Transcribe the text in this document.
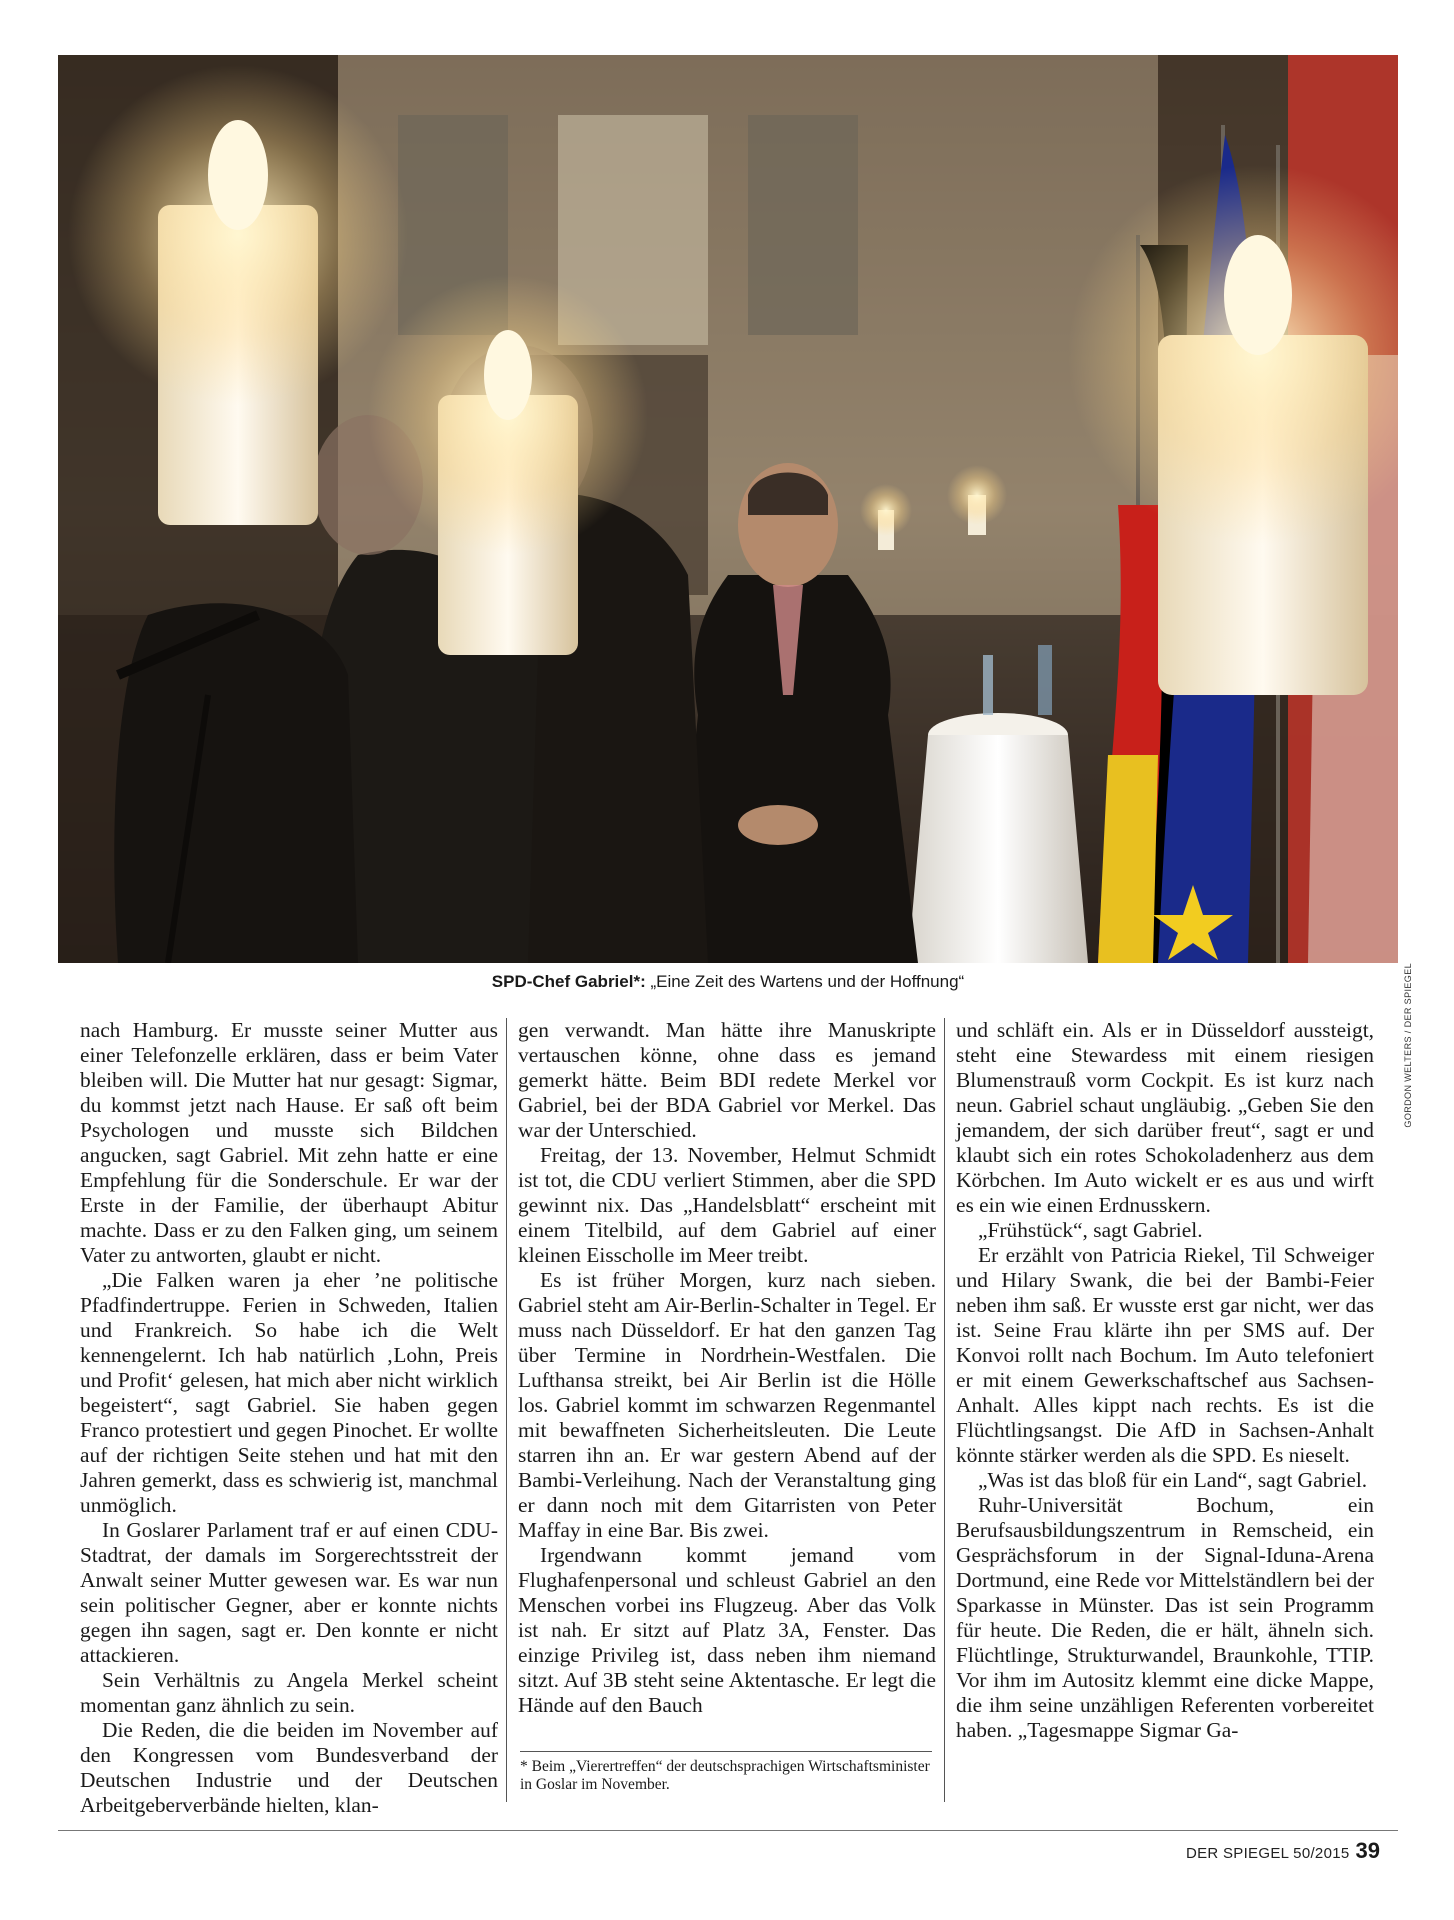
GORDON WELTERS / DER SPIEGEL
SPD-Chef Gabriel*: „Eine Zeit des Wartens und der Hoffnung“

nach Hamburg. Er musste seiner Mutter aus einer Telefonzelle erklären, dass er beim Vater bleiben will. Die Mutter hat nur gesagt: Sigmar, du kommst jetzt nach Hause. Er saß oft beim Psychologen und musste sich Bildchen angucken, sagt Gabriel. Mit zehn hatte er eine Empfehlung für die Sonderschule. Er war der Erste in der Familie, der überhaupt Abitur machte. Dass er zu den Falken ging, um seinem Vater zu antworten, glaubt er nicht.

„Die Falken waren ja eher ’ne politische Pfadfindertruppe. Ferien in Schweden, Italien und Frankreich. So habe ich die Welt kennengelernt. Ich hab natürlich ‚Lohn, Preis und Profit‘ gelesen, hat mich aber nicht wirklich begeistert“, sagt Gabriel. Sie haben gegen Franco protestiert und gegen Pinochet. Er wollte auf der richtigen Seite stehen und hat mit den Jahren gemerkt, dass es schwierig ist, manchmal unmöglich.

In Goslarer Parlament traf er auf einen CDU-Stadtrat, der damals im Sorgerechtsstreit der Anwalt seiner Mutter gewesen war. Es war nun sein politischer Gegner, aber er konnte nichts gegen ihn sagen, sagt er. Den konnte er nicht attackieren.

Sein Verhältnis zu Angela Merkel scheint momentan ganz ähnlich zu sein.

Die Reden, die die beiden im November auf den Kongressen vom Bundesverband der Deutschen Industrie und der Deutschen Arbeitgeberverbände hielten, klan-

gen verwandt. Man hätte ihre Manuskripte vertauschen könne, ohne dass es jemand gemerkt hätte. Beim BDI redete Merkel vor Gabriel, bei der BDA Gabriel vor Merkel. Das war der Unterschied.

Freitag, der 13. November, Helmut Schmidt ist tot, die CDU verliert Stimmen, aber die SPD gewinnt nix. Das „Handelsblatt“ erscheint mit einem Titelbild, auf dem Gabriel auf einer kleinen Eisscholle im Meer treibt.

Es ist früher Morgen, kurz nach sieben. Gabriel steht am Air-Berlin-Schalter in Tegel. Er muss nach Düsseldorf. Er hat den ganzen Tag über Termine in Nordrhein-Westfalen. Die Lufthansa streikt, bei Air Berlin ist die Hölle los. Gabriel kommt im schwarzen Regenmantel mit bewaffneten Sicherheitsleuten. Die Leute starren ihn an. Er war gestern Abend auf der Bambi-Verleihung. Nach der Veranstaltung ging er dann noch mit dem Gitarristen von Peter Maffay in eine Bar. Bis zwei.

Irgendwann kommt jemand vom Flughafenpersonal und schleust Gabriel an den Menschen vorbei ins Flugzeug. Aber das Volk ist nah. Er sitzt auf Platz 3A, Fenster. Das einzige Privileg ist, dass neben ihm niemand sitzt. Auf 3B steht seine Aktentasche. Er legt die Hände auf den Bauch

* Beim „Vierertreffen“ der deutschsprachigen Wirtschaftsminister in Goslar im November.

und schläft ein. Als er in Düsseldorf aussteigt, steht eine Stewardess mit einem riesigen Blumenstrauß vorm Cockpit. Es ist kurz nach neun. Gabriel schaut ungläubig. „Geben Sie den jemandem, der sich darüber freut“, sagt er und klaubt sich ein rotes Schokoladenherz aus dem Körbchen. Im Auto wickelt er es aus und wirft es ein wie einen Erdnusskern.

„Frühstück“, sagt Gabriel.

Er erzählt von Patricia Riekel, Til Schweiger und Hilary Swank, die bei der Bambi-Feier neben ihm saß. Er wusste erst gar nicht, wer das ist. Seine Frau klärte ihn per SMS auf. Der Konvoi rollt nach Bochum. Im Auto telefoniert er mit einem Gewerkschaftschef aus Sachsen-Anhalt. Alles kippt nach rechts. Es ist die Flüchtlingsangst. Die AfD in Sachsen-Anhalt könnte stärker werden als die SPD. Es nieselt.

„Was ist das bloß für ein Land“, sagt Gabriel.

Ruhr-Universität Bochum, ein Berufsausbildungszentrum in Remscheid, ein Gesprächsforum in der Signal-Iduna-Arena Dortmund, eine Rede vor Mittelständlern bei der Sparkasse in Münster. Das ist sein Programm für heute. Die Reden, die er hält, ähneln sich. Flüchtlinge, Strukturwandel, Braunkohle, TTIP. Vor ihm im Autositz klemmt eine dicke Mappe, die ihm seine unzähligen Referenten vorbereitet haben. „Tagesmappe Sigmar Ga-

DER SPIEGEL 50/2015 39
